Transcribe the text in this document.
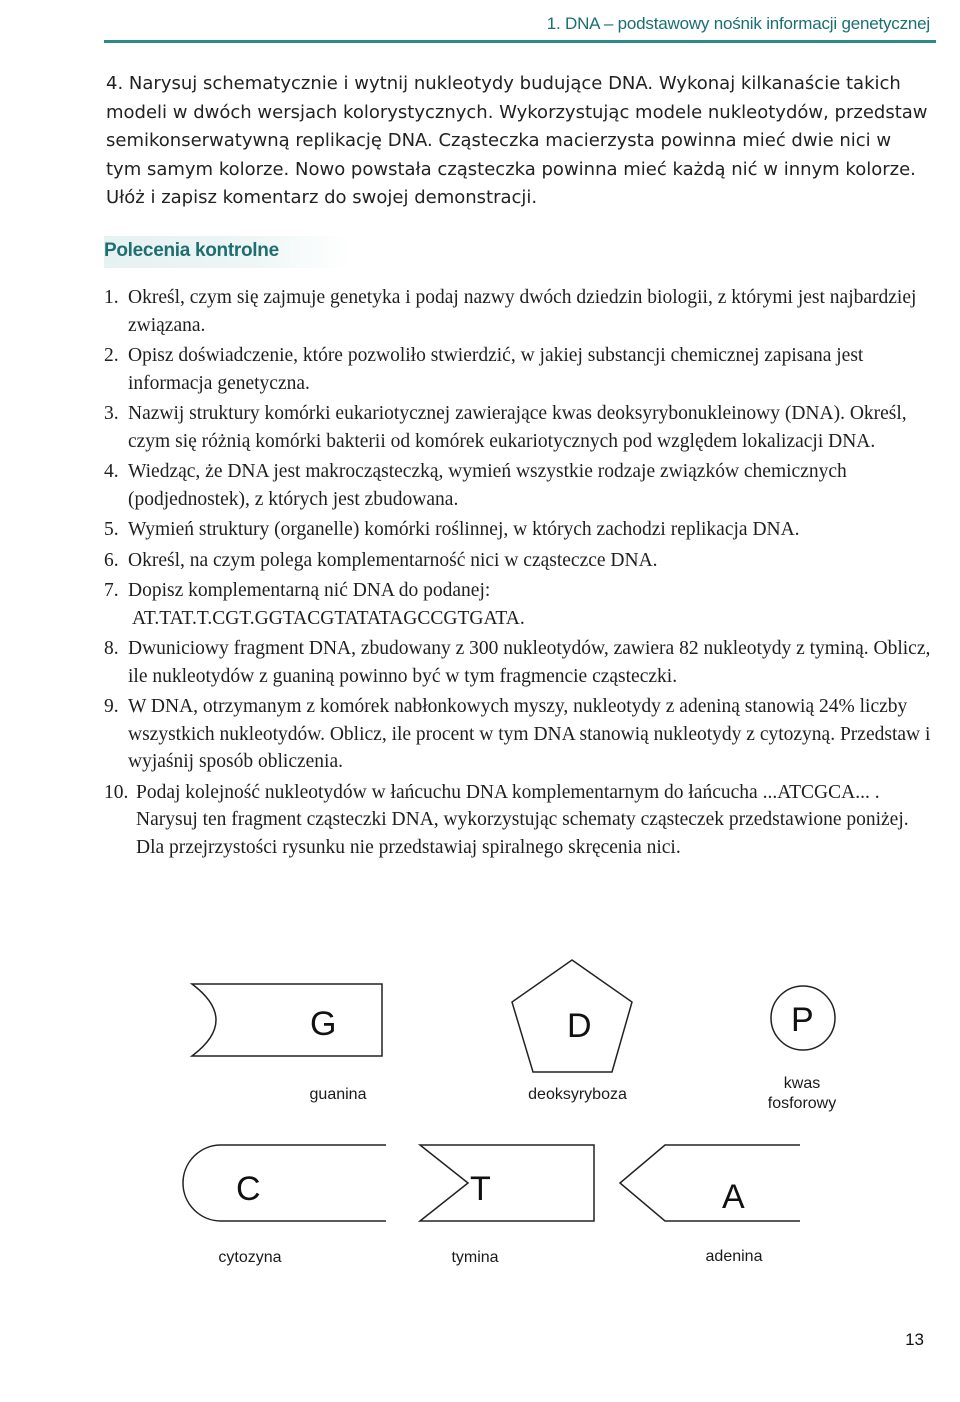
1. DNA – podstawowy nośnik informacji genetycznej
4. Narysuj schematycznie i wytnij nukleotydy budujące DNA. Wykonaj kilkanaście takich modeli w dwóch wersjach kolorystycznych. Wykorzystując modele nukleotydów, przedstaw semikonserwatywną replikację DNA. Cząsteczka macierzysta powinna mieć dwie nici w tym samym kolorze. Nowo powstała cząsteczka powinna mieć każdą nić w innym kolorze. Ułóż i zapisz komentarz do swojej demonstracji.
Polecenia kontrolne
1. Określ, czym się zajmuje genetyka i podaj nazwy dwóch dziedzin biologii, z którymi jest najbardziej związana.
2. Opisz doświadczenie, które pozwoliło stwierdzić, w jakiej substancji chemicznej zapisana jest informacja genetyczna.
3. Nazwij struktury komórki eukariotycznej zawierające kwas deoksyrybonukleinowy (DNA). Określ, czym się różnią komórki bakterii od komórek eukariotycznych pod względem lokalizacji DNA.
4. Wiedząc, że DNA jest makrocząsteczką, wymień wszystkie rodzaje związków chemicznych (podjednostek), z których jest zbudowana.
5. Wymień struktury (organelle) komórki roślinnej, w których zachodzi replikacja DNA.
6. Określ, na czym polega komplementarność nici w cząsteczce DNA.
7. Dopisz komplementarną nić DNA do podanej:
AT.TAT.T.CGT.GGTACGTATATAGCCGTGATA.
8. Dwuniciowy fragment DNA, zbudowany z 300 nukleotydów, zawiera 82 nukleotydy z tyminą. Oblicz, ile nukleotydów z guaniną powinno być w tym fragmencie cząsteczki.
9. W DNA, otrzymanym z komórek nabłonkowych myszy, nukleotydy z adeniną stanowią 24% liczby wszystkich nukleotydów. Oblicz, ile procent w tym DNA stanowią nukleotydy z cytozyną. Przedstaw i wyjaśnij sposób obliczenia.
10. Podaj kolejność nukleotydów w łańcuchu DNA komplementarnym do łańcucha ...ATCGCA... . Narysuj ten fragment cząsteczki DNA, wykorzystując schematy cząsteczek przedstawione poniżej. Dla przejrzystości rysunku nie przedstawiaj spiralnego skręcenia nici.
G	D	P
C	T	A
guanina	deoksyryboza
kwas fosforowy
cytozyna	tymina	adenina
13
